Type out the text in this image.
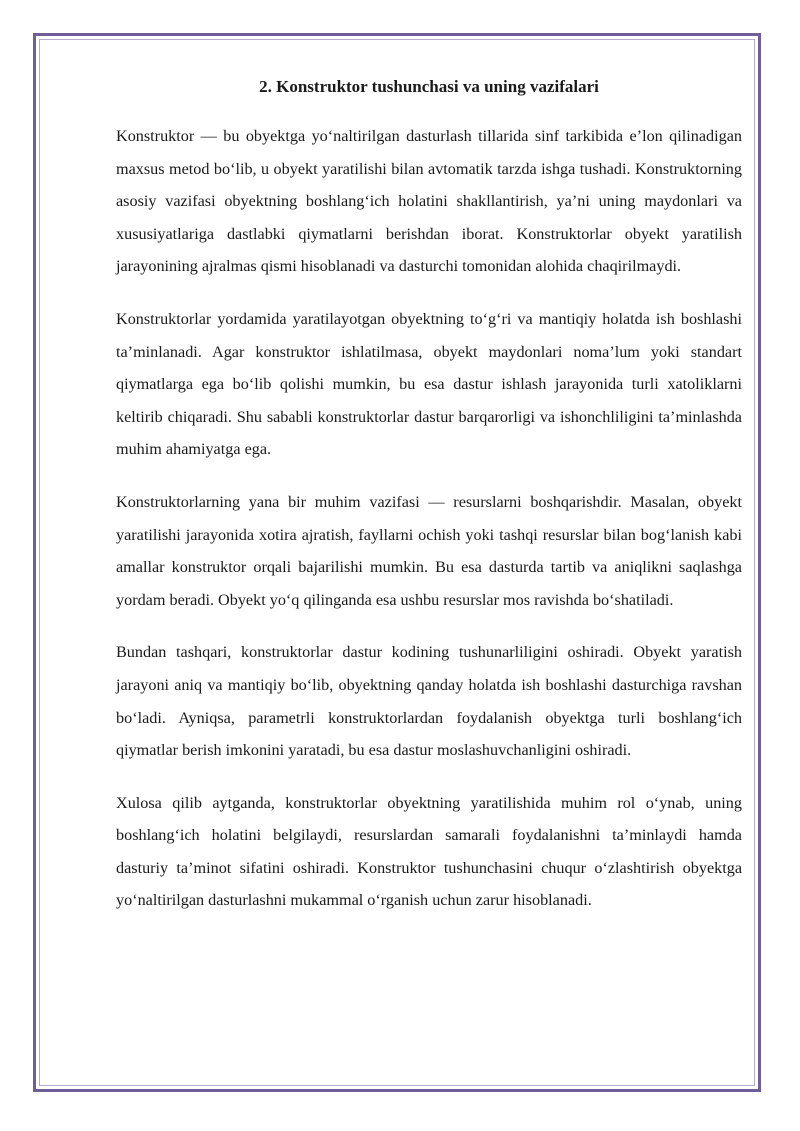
2. Konstruktor tushunchasi va uning vazifalari

Konstruktor — bu obyektga yo‘naltirilgan dasturlash tillarida sinf tarkibida e’lon qilinadigan maxsus metod bo‘lib, u obyekt yaratilishi bilan avtomatik tarzda ishga tushadi. Konstruktorning asosiy vazifasi obyektning boshlang‘ich holatini shakllantirish, ya’ni uning maydonlari va xususiyatlariga dastlabki qiymatlarni berishdan iborat. Konstruktorlar obyekt yaratilish jarayonining ajralmas qismi hisoblanadi va dasturchi tomonidan alohida chaqirilmaydi.

Konstruktorlar yordamida yaratilayotgan obyektning to‘g‘ri va mantiqiy holatda ish boshlashi ta’minlanadi. Agar konstruktor ishlatilmasa, obyekt maydonlari noma’lum yoki standart qiymatlarga ega bo‘lib qolishi mumkin, bu esa dastur ishlash jarayonida turli xatoliklarni keltirib chiqaradi. Shu sababli konstruktorlar dastur barqarorligi va ishonchliligini ta’minlashda muhim ahamiyatga ega.

Konstruktorlarning yana bir muhim vazifasi — resurslarni boshqarishdir. Masalan, obyekt yaratilishi jarayonida xotira ajratish, fayllarni ochish yoki tashqi resurslar bilan bog‘lanish kabi amallar konstruktor orqali bajarilishi mumkin. Bu esa dasturda tartib va aniqlikni saqlashga yordam beradi. Obyekt yo‘q qilinganda esa ushbu resurslar mos ravishda bo‘shatiladi.

Bundan tashqari, konstruktorlar dastur kodining tushunarliligini oshiradi. Obyekt yaratish jarayoni aniq va mantiqiy bo‘lib, obyektning qanday holatda ish boshlashi dasturchiga ravshan bo‘ladi. Ayniqsa, parametrli konstruktorlardan foydalanish obyektga turli boshlang‘ich qiymatlar berish imkonini yaratadi, bu esa dastur moslashuvchanligini oshiradi.

Xulosa qilib aytganda, konstruktorlar obyektning yaratilishida muhim rol o‘ynab, uning boshlang‘ich holatini belgilaydi, resurslardan samarali foydalanishni ta’minlaydi hamda dasturiy ta’minot sifatini oshiradi. Konstruktor tushunchasini chuqur o‘zlashtirish obyektga yo‘naltirilgan dasturlashni mukammal o‘rganish uchun zarur hisoblanadi.
